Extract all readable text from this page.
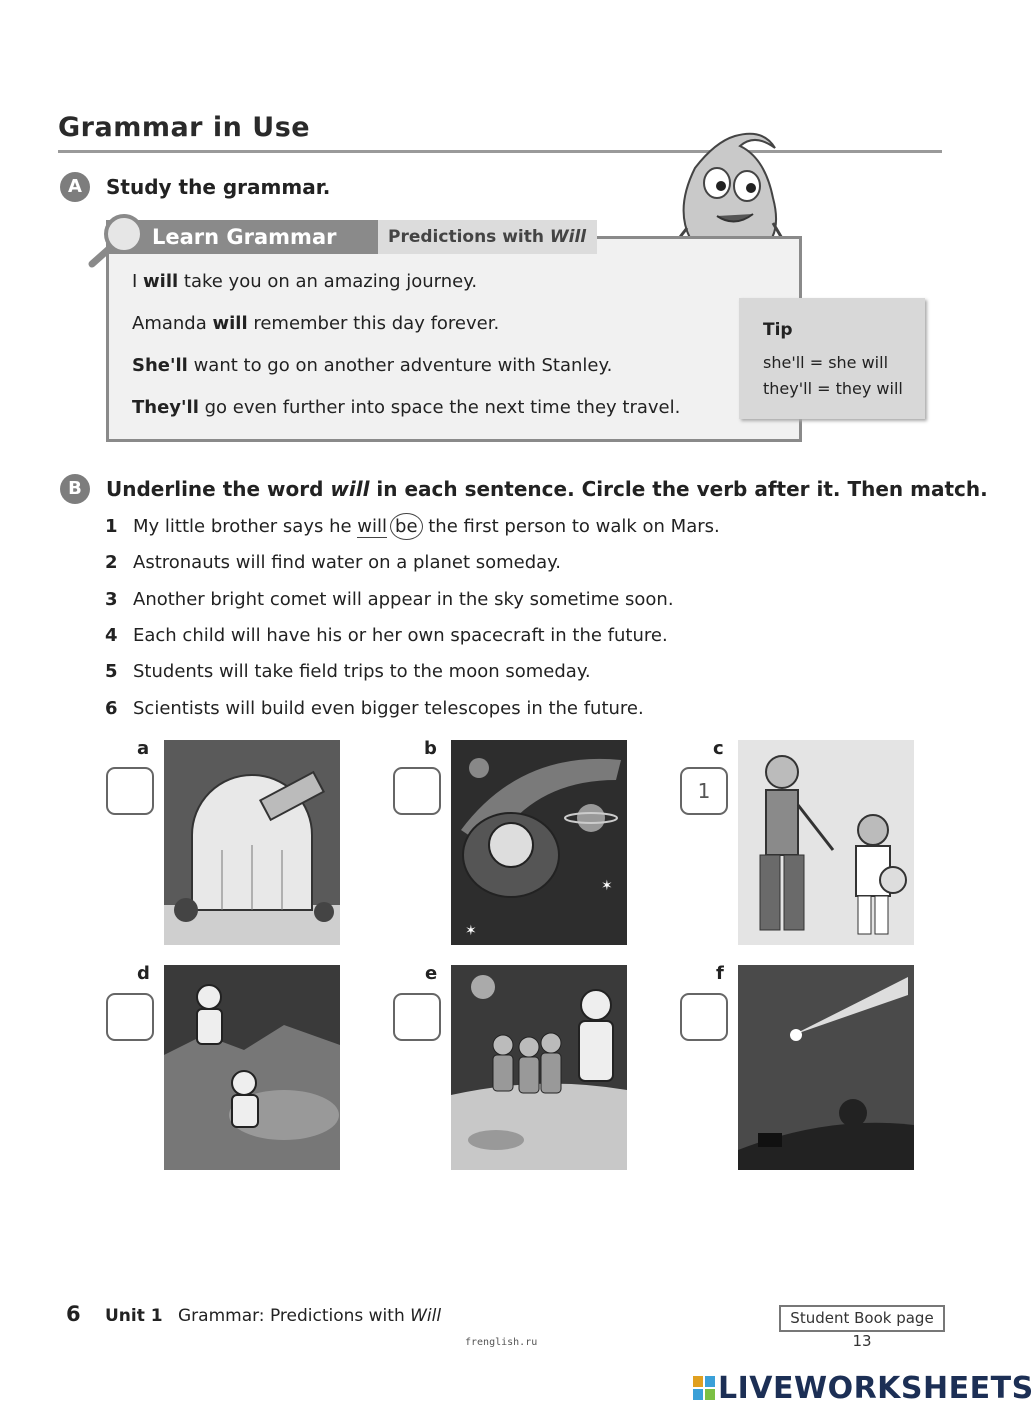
Grammar in Use
A	Study the grammar.
Learn Grammar	Predictions with Will
I will take you on an amazing journey.
Amanda will remember this day forever.
She'll want to go on another adventure with Stanley.
They'll go even further into space the next time they travel.
Tip
she'll = she will
they'll = they will
B	Underline the word will in each sentence. Circle the verb after it. Then match.
1 My little brother says he will be the first person to walk on Mars.
2 Astronauts will find water on a planet someday.
3 Another bright comet will appear in the sky sometime soon.
4 Each child will have his or her own spacecraft in the future.
5 Students will take field trips to the moon someday.
6 Scientists will build even bigger telescopes in the future.
a	b
✶
✶
c
1
d	e	f
6 Unit 1 Grammar: Predictions with Will	Student Book page 13
frenglish.ru
LIVEWORKSHEETS
